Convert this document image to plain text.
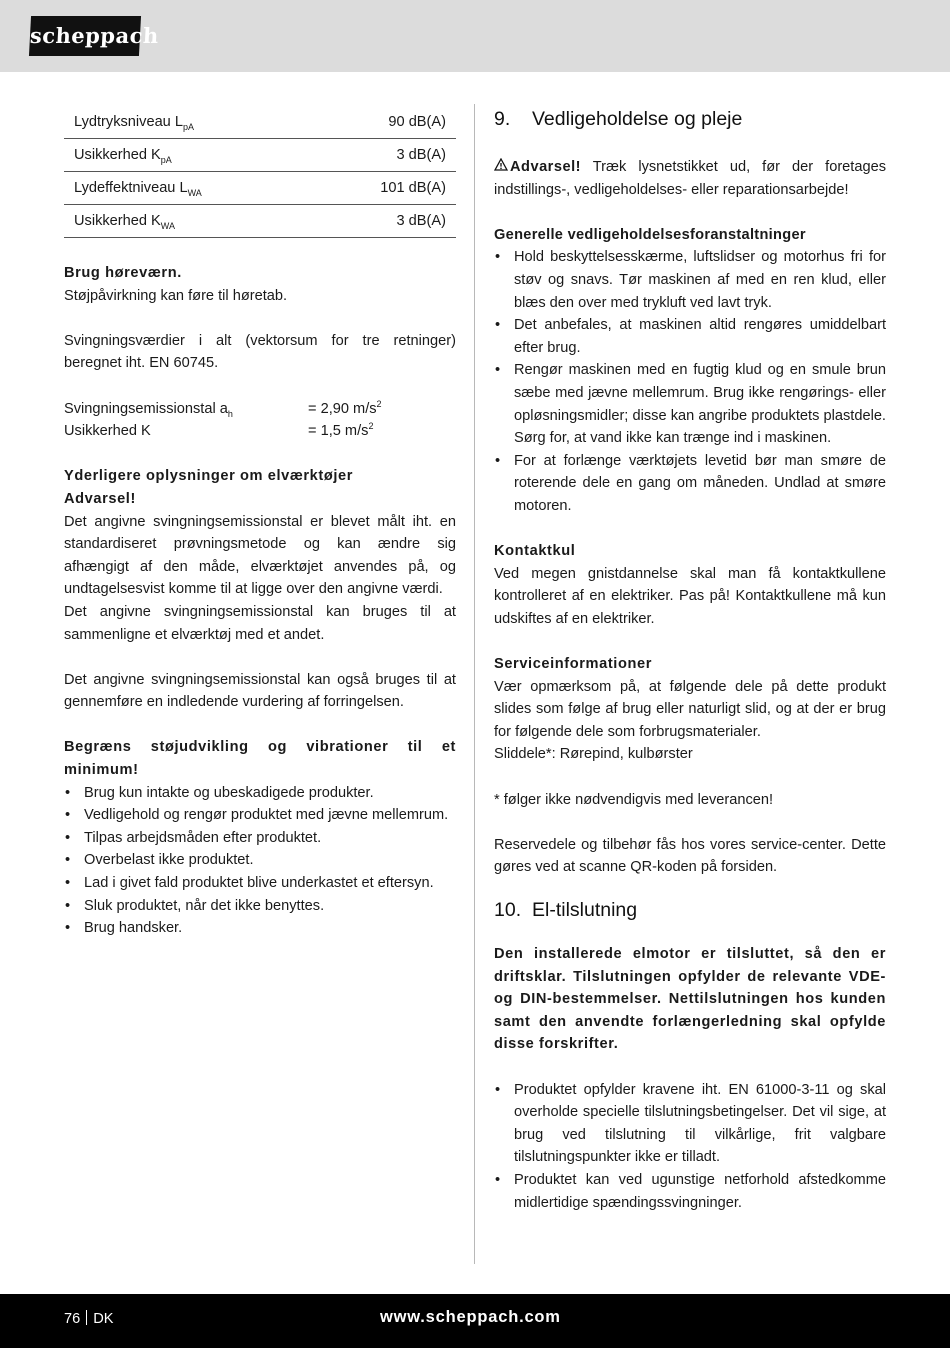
scheppach
Lydtryksniveau $L_{pA}$	90 dB(A)
Usikkerhed $K_{pA}$	3 dB(A)
Lydeffektniveau $L_{WA}$	101 dB(A)
Usikkerhed $K_{WA}$	3 dB(A)

Brug høreværn.

Støjpåvirkning kan føre til høretab.

Svingningsværdier i alt (vektorsum for tre retninger) beregnet iht. EN 60745.

Svingningsemissionstal $a_h$	= 2,90 $m/s^2$
Usikkerhed K	= 1,5 $m/s^2$

Yderligere oplysninger om elværktøjer

Advarsel!

Det angivne svingningsemissionstal er blevet målt iht. en standardiseret prøvningsmetode og kan ændre sig afhængigt af den måde, elværktøjet anvendes på, og undtagelsesvist komme til at ligge over den angivne værdi.

Det angivne svingningsemissionstal kan bruges til at sammenligne et elværktøj med et andet.

Det angivne svingningsemissionstal kan også bruges til at gennemføre en indledende vurdering af forringelsen.

Begræns støjudvikling og vibrationer til et minimum!

• Brug kun intakte og ubeskadigede produkter.
• Vedligehold og rengør produktet med jævne mellemrum.
• Tilpas arbejdsmåden efter produktet.
• Overbelast ikke produktet.
• Lad i givet fald produktet blive underkastet et eftersyn.
• Sluk produktet, når det ikke benyttes.
• Brug handsker.
9. Vedligeholdelse og pleje

Advarsel! Træk lysnetstikket ud, før der foretages indstillings-, vedligeholdelses- eller reparationsarbejde!

Generelle vedligeholdelsesforanstaltninger

• Hold beskyttelsesskærme, luftslidser og motorhus fri for støv og snavs. Tør maskinen af med en ren klud, eller blæs den over med trykluft ved lavt tryk.
• Det anbefales, at maskinen altid rengøres umiddelbart efter brug.
• Rengør maskinen med en fugtig klud og en smule brun sæbe med jævne mellemrum. Brug ikke rengørings- eller opløsningsmidler; disse kan angribe produktets plastdele. Sørg for, at vand ikke kan trænge ind i maskinen.
• For at forlænge værktøjets levetid bør man smøre de roterende dele en gang om måneden. Undlad at smøre motoren.

Kontaktkul

Ved megen gnistdannelse skal man få kontaktkullene kontrolleret af en elektriker. Pas på! Kontaktkullene må kun udskiftes af en elektriker.

Serviceinformationer

Vær opmærksom på, at følgende dele på dette produkt slides som følge af brug eller naturligt slid, og at der er brug for følgende dele som forbrugsmaterialer.

Sliddele*: Rørepind, kulbørster

* følger ikke nødvendigvis med leverancen!

Reservedele og tilbehør fås hos vores service-center. Dette gøres ved at scanne QR-koden på forsiden.

10. El-tilslutning

Den installerede elmotor er tilsluttet, så den er driftsklar. Tilslutningen opfylder de relevante VDE- og DIN-bestemmelser. Nettilslutningen hos kunden samt den anvendte forlængerledning skal opfylde disse forskrifter.

• Produktet opfylder kravene iht. EN 61000-3-11 og skal overholde specielle tilslutningsbetingelser. Det vil sige, at brug ved tilslutning til vilkårlige, frit valgbare tilslutningspunkter ikke er tilladt.
• Produktet kan ved ugunstige netforhold afstedkomme midlertidige spændingssvingninger.
76 DK	www.scheppach.com
